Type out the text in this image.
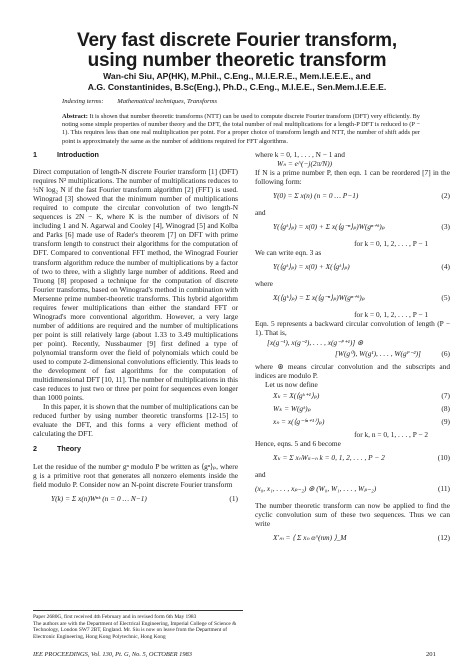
Very fast discrete Fourier transform,
using number theoretic transform
Wan-chi Siu, AP(HK), M.Phil., C.Eng., M.I.E.R.E., Mem.I.E.E.E., and
A.G. Constantinides, B.Sc(Eng.), Ph.D., C.Eng., M.I.E.E., Sen.Mem.I.E.E.E.
Indexing terms: Mathematical techniques, Transforms
Abstract: It is shown that number theoretic transforms (NTT) can be used to compute discrete Fourier transform (DFT) very efficiently. By noting some simple properties of number theory and the DFT, the total number of real multiplications for a length-P DFT is reduced to (P − 1). This requires less than one real multiplication per point. For a proper choice of transform length and NTT, the number of shift adds per point is approximately the same as the number of additions required for FFT algorithms.
1	Introduction

Direct computation of length-N discrete Fourier transform [1] (DFT) requires N² multiplications. The number of multiplications reduces to ½N log₂ N if the fast Fourier transform algorithm [2] (FFT) is used. Winograd [3] showed that the minimum number of multiplications required to compute the circular convolution of two length-N sequences is 2N − K, where K is the number of divisors of N including 1 and N. Agarwal and Cooley [4], Winograd [5] and Kolba and Parks [6] made use of Rader's theorem [7] on DFT with prime transform length to construct their algorithms for the computation of DFT. Compared to conventional FFT method, the Winograd Fourier transform algorithm reduce the number of multiplications by a factor of two to three, with a slightly large number of additions. Reed and Truong [8] proposed a technique for the computation of discrete Fourier transforms, based on Winograd's method in combination with Mersenne prime number-theoretic transforms. This hybrid algorithm requires fewer multiplications than either the standard FFT or Winograd's more conventional algorithm. However, a very large number of additions are required and the number of multiplications per point is still relatively large (about 1.33 to 3.49 multiplications per point). Recently, Nussbaumer [9] first defined a type of polynomial transform over the field of polynomials which could be used to compute 2-dimensional convolutions efficiently. This leads to the development of fast algorithms for the computation of multidimensional DFT [10, 11]. The number of multiplications in this case reduces to just two or three per point for sequences even longer than 1000 points.

In this paper, it is shown that the number of multiplications can be reduced further by using number theoretic transforms [12-15] to evaluate the DFT, and this forms a very efficient method of calculating the DFT.

2	Theory

Let the residue of the number gⁿ modulo P be written as ⟨gⁿ⟩ₚ, where g is a primitive root that generates all nonzero elements inside the field modulo P. Consider now an N-point discrete Fourier transform

Y(k) = Σ x(n)Wⁿᵏ (n = 0 … N−1)	(1)
Paper 2680G, first received 4th February and in revised form 6th May 1983
The authors are with the Department of Electrical Engineering, Imperial College of Science & Technology, London SW7 2BT, England. Mr. Siu is now on leave from the Department of Electronic Engineering, Hong Kong Polytechnic, Hong Kong

where k = 0, 1, . . . , N − 1 and

Wₙ = e^(−j(2π/N))

If N is a prime number P, then eqn. 1 can be reordered [7] in the following form:

Y(0) = Σ x(n) (n = 0 … P−1)	(2)

and

Y(⟨gᵏ⟩ₚ) = x(0) + Σ x(⟨g⁻ⁿ⟩ₚ)W(gⁿ⁺ᵏ)ₚ	(3)

for k = 0, 1, 2, . . . , P − 1

We can write eqn. 3 as

Y(⟨gᵏ⟩ₚ) = x(0) + X(⟨gᵏ⟩ₚ)	(4)

where

X(⟨gᵏ⟩ₚ) = Σ x(⟨g⁻ⁿ⟩ₚ)W(gⁿ⁺ᵏ)ₚ	(5)

for k = 0, 1, 2, . . . , P − 1

Eqn. 5 represents a backward circular convolution of length (P − 1). That is,

[x(g⁻¹), x(g⁻²), . . . , x(g⁻ᴾ⁺¹)] ⊛

[W(g⁰), W(g¹), . . . , W(gᴾ⁻²)]	(6)

where ⊛ means circular convolution and the subscripts and indices are modulo P.

Let us now define

Xₖ = X(⟨gᵏ⁺¹⟩ₚ)	(7)
Wₖ = W(gᵏ)ₚ	(8)
xₙ = x(⟨g⁻⁽ⁿ⁺¹⁾⟩ₚ)	(9)

for k, n = 0, 1, . . . , P − 2

Hence, eqns. 5 and 6 become

Xₖ = Σ xₙWₖ₋ₙ k = 0, 1, 2, . . . , P − 2	(10)

and

(x₀, x₁, . . . , xₚ₋₂) ⊛ (W₀, W₁, . . . , Wₚ₋₂)	(11)

The number theoretic transform can now be applied to find the cyclic convolution sum of these two sequences. Thus we can write

X′ₘ = ⟨ Σ xₙ α^(nm) ⟩_M	(12)
IEE PROCEEDINGS, Vol. 130, Pt. G, No. 5, OCTOBER 1983	201
